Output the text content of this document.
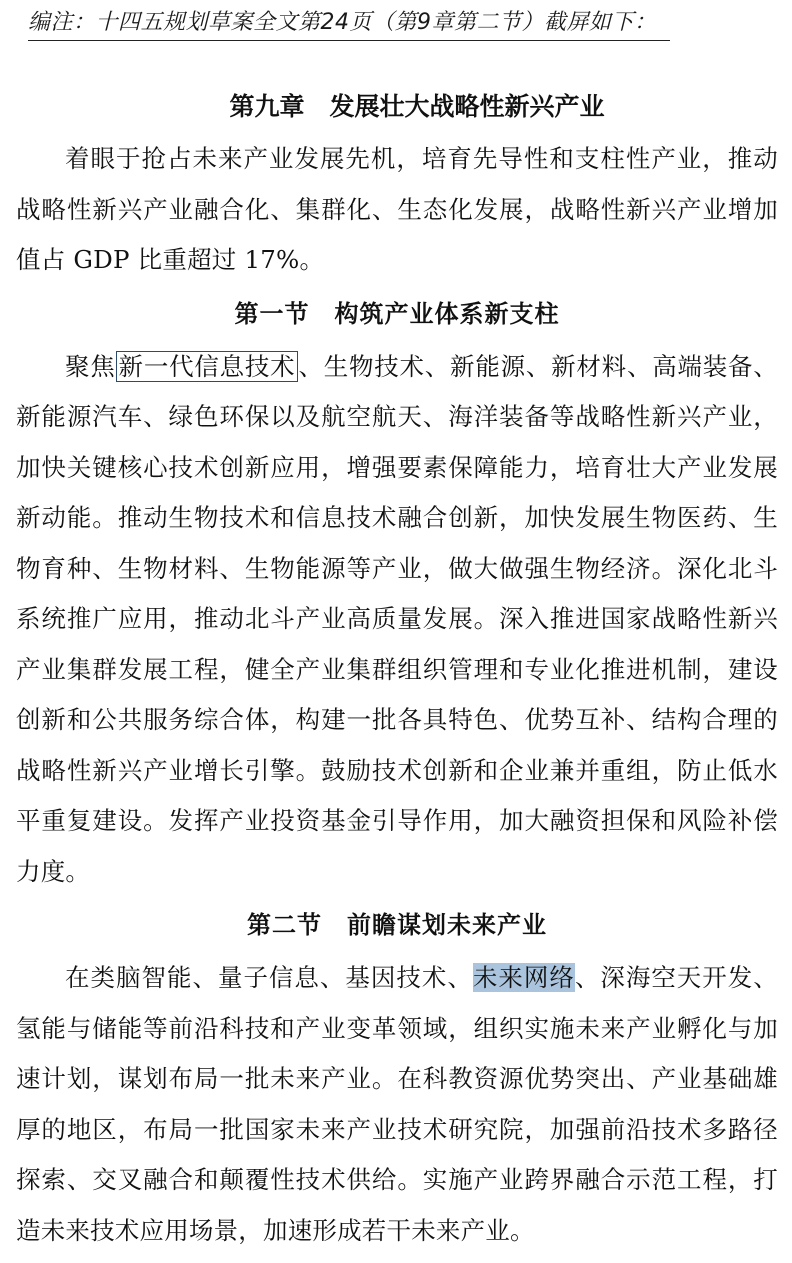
编注：十四五规划草案全文第24页（第9章第二节）截屏如下：
第九章　发展壮大战略性新兴产业

着眼于抢占未来产业发展先机，培育先导性和支柱性产业，推动战略性新兴产业融合化、集群化、生态化发展，战略性新兴产业增加值占 GDP 比重超过 17%。

第一节　构筑产业体系新支柱

聚焦 新一代信息技术 、生物技术、新能源、新材料、高端装备、新能源汽车、绿色环保以及航空航天、海洋装备等战略性新兴产业，加快关键核心技术创新应用，增强要素保障能力，培育壮大产业发展新动能。推动生物技术和信息技术融合创新，加快发展生物医药、生物育种、生物材料、生物能源等产业，做大做强生物经济。深化北斗系统推广应用，推动北斗产业高质量发展。深入推进国家战略性新兴产业集群发展工程，健全产业集群组织管理和专业化推进机制，建设创新和公共服务综合体，构建一批各具特色、优势互补、结构合理的战略性新兴产业增长引擎。鼓励技术创新和企业兼并重组，防止低水平重复建设。发挥产业投资基金引导作用，加大融资担保和风险补偿力度。

第二节　前瞻谋划未来产业

在类脑智能、量子信息、基因技术、未来网络、深海空天开发、氢能与储能等前沿科技和产业变革领域，组织实施未来产业孵化与加速计划，谋划布局一批未来产业。在科教资源优势突出、产业基础雄厚的地区，布局一批国家未来产业技术研究院，加强前沿技术多路径探索、交叉融合和颠覆性技术供给。实施产业跨界融合示范工程，打造未来技术应用场景，加速形成若干未来产业。
